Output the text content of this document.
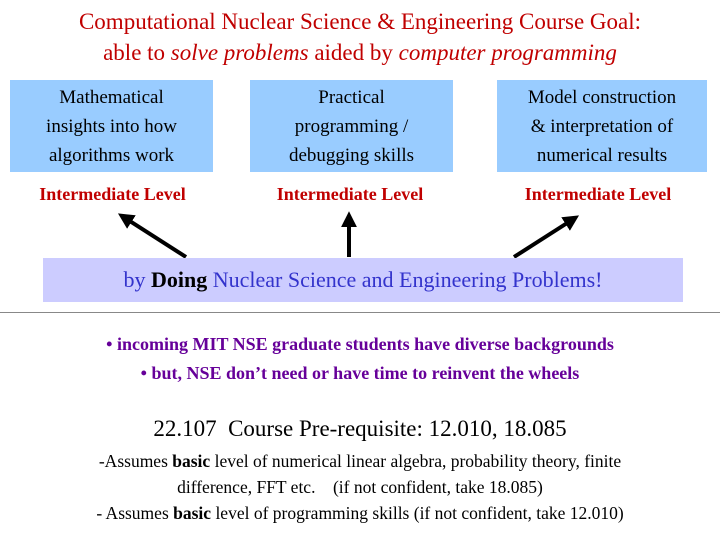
Computational Nuclear Science & Engineering Course Goal:
able to solve problems aided by computer programming
Mathematical
insights into how
algorithms work
Practical
programming /
debugging skills
Model construction
& interpretation of
numerical results
Intermediate Level	Intermediate Level	Intermediate Level
by Doing Nuclear Science and Engineering Problems!
• incoming MIT NSE graduate students have diverse backgrounds
• but, NSE don’t need or have time to reinvent the wheels
22.107  Course Pre-requisite: 12.010, 18.085
-Assumes basic level of numerical linear algebra, probability theory, finite
difference, FFT etc.    (if not confident, take 18.085)
- Assumes basic level of programming skills (if not confident, take 12.010)
